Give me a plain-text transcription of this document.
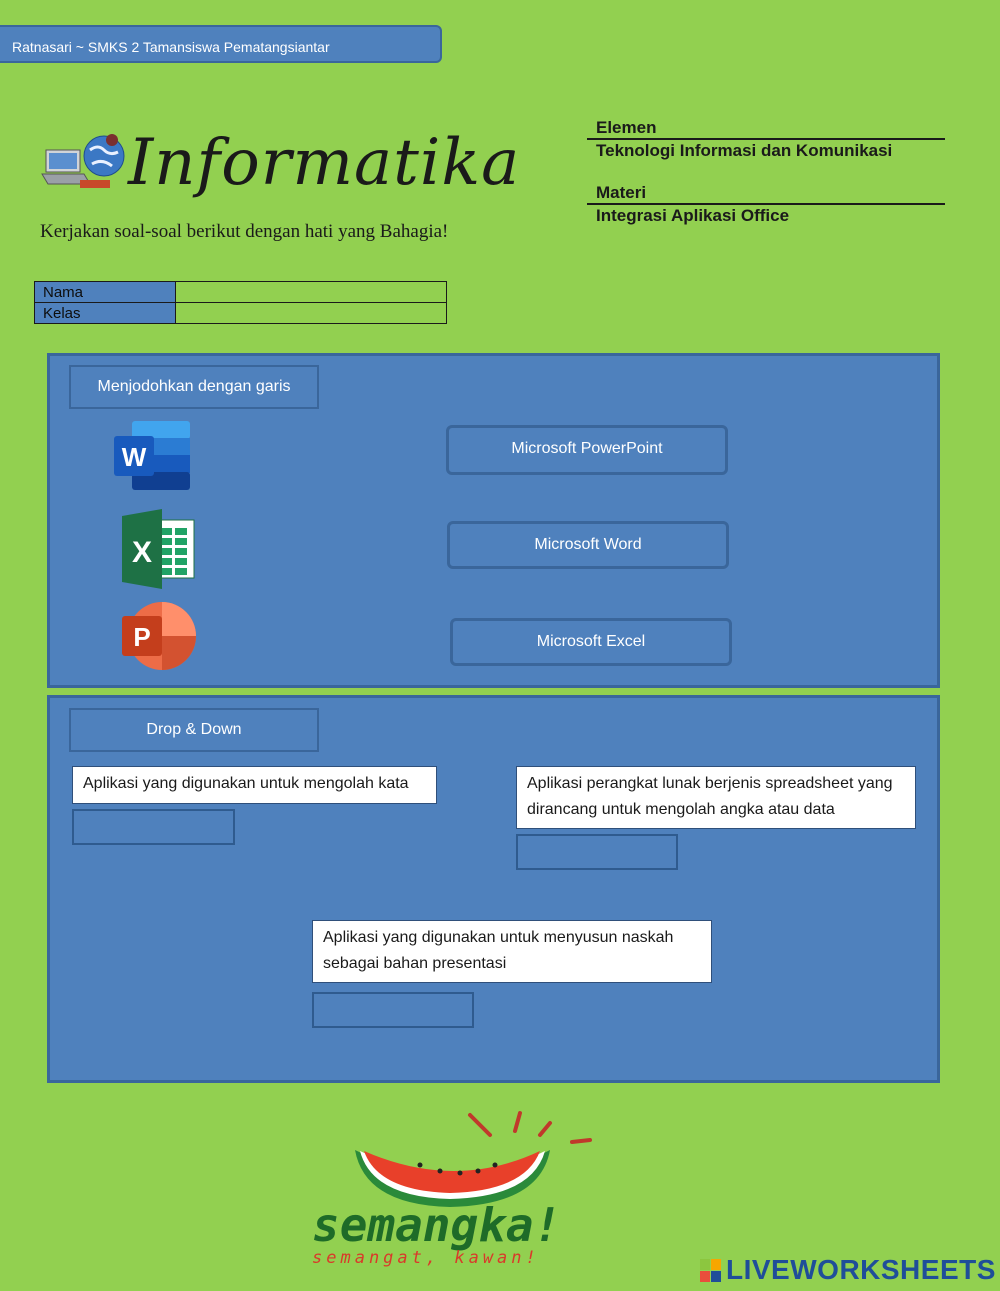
Ratnasari ~ SMKS 2 Tamansiswa Pematangsiantar
Informatika
Kerjakan soal-soal berikut dengan hati yang Bahagia!
Elemen
Teknologi Informasi dan Komunikasi
Materi
Integrasi Aplikasi Office
Nama	
Kelas	
Menjodohkan dengan garis
W
X
P
Microsoft PowerPoint
Microsoft Word
Microsoft Excel
Drop & Down
Aplikasi yang digunakan untuk mengolah kata	Aplikasi perangkat lunak berjenis spreadsheet yang dirancang untuk mengolah angka atau data
Aplikasi yang digunakan untuk menyusun naskah sebagai bahan presentasi
semangka!
semangat, kawan!	LIVEWORKSHEETS
